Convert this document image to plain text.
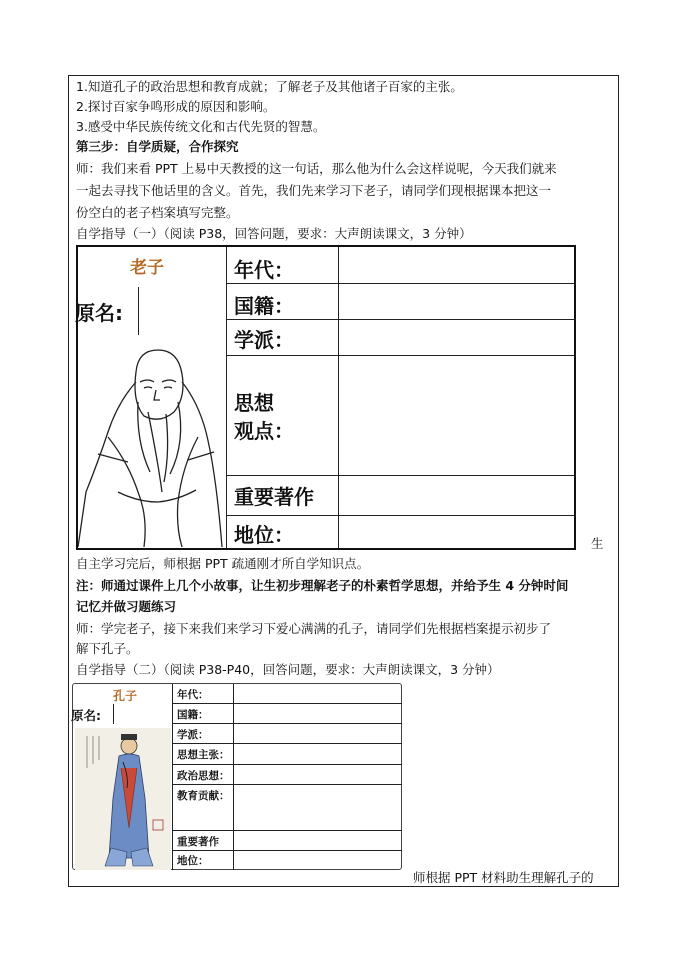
1.知道孔子的政治思想和教育成就；了解老子及其他诸子百家的主张。
2.探讨百家争鸣形成的原因和影响。
3.感受中华民族传统文化和古代先贤的智慧。
第三步：自学质疑，合作探究
师：我们来看 PPT 上易中天教授的这一句话，那么他为什么会这样说呢，今天我们就来
一起去寻找下他话里的含义。首先，我们先来学习下老子，请同学们现根据课本把这一
份空白的老子档案填写完整。
自学指导（一）（阅读 P38，回答问题，要求：大声朗读课文，3 分钟）
老子
原名:
年代：
国籍：
学派：
思想
观点：
重要著作
地位：	生
自主学习完后，师根据 PPT 疏通刚才所自学知识点。
注：师通过课件上几个小故事，让生初步理解老子的朴素哲学思想，并给予生 4 分钟时间
记忆并做习题练习
师：学完老子，接下来我们来学习下爱心满满的孔子，请同学们先根据档案提示初步了
解下孔子。
自学指导（二）（阅读 P38-P40，回答问题，要求：大声朗读课文，3 分钟）
孔子
原名:
年代：
国籍：
学派：
思想主张：
政治思想：
教育贡献：
重要著作
地位：
师根据 PPT 材料助生理解孔子的
